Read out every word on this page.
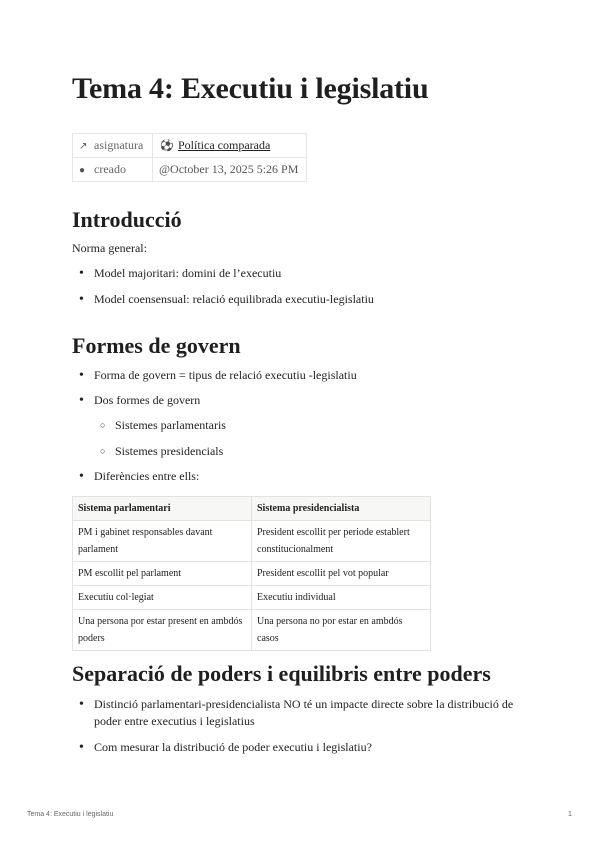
Tema 4: Executiu i legislatiu
↗ asignatura	⚽ Política comparada
● creado	@October 13, 2025 5:26 PM
Introducció

Norma general:

• Model majoritari: domini de l’executiu
• Model coensensual: relació equilibrada executiu-legislatiu
Formes de govern
• Forma de govern = tipus de relació executiu -legislatiu
• Dos formes de govern
○ Sistemes parlamentaris
○ Sistemes presidencials
• Diferències entre ells:
Sistema parlamentari	Sistema presidencialista
PM i gabinet responsables davant parlament	President escollit per periode establert constitucionalment
PM escollit pel parlament	President escollit pel vot popular
Executiu col·legiat	Executiu individual
Una persona por estar present en ambdós poders	Una persona no por estar en ambdós casos
Separació de poders i equilibris entre poders
• Distinció parlamentari-presidencialista NO té un impacte directe sobre la distribució de poder entre executius i legislatius
• Com mesurar la distribució de poder executiu i legislatiu?
Tema 4: Executiu i legislatiu	1
